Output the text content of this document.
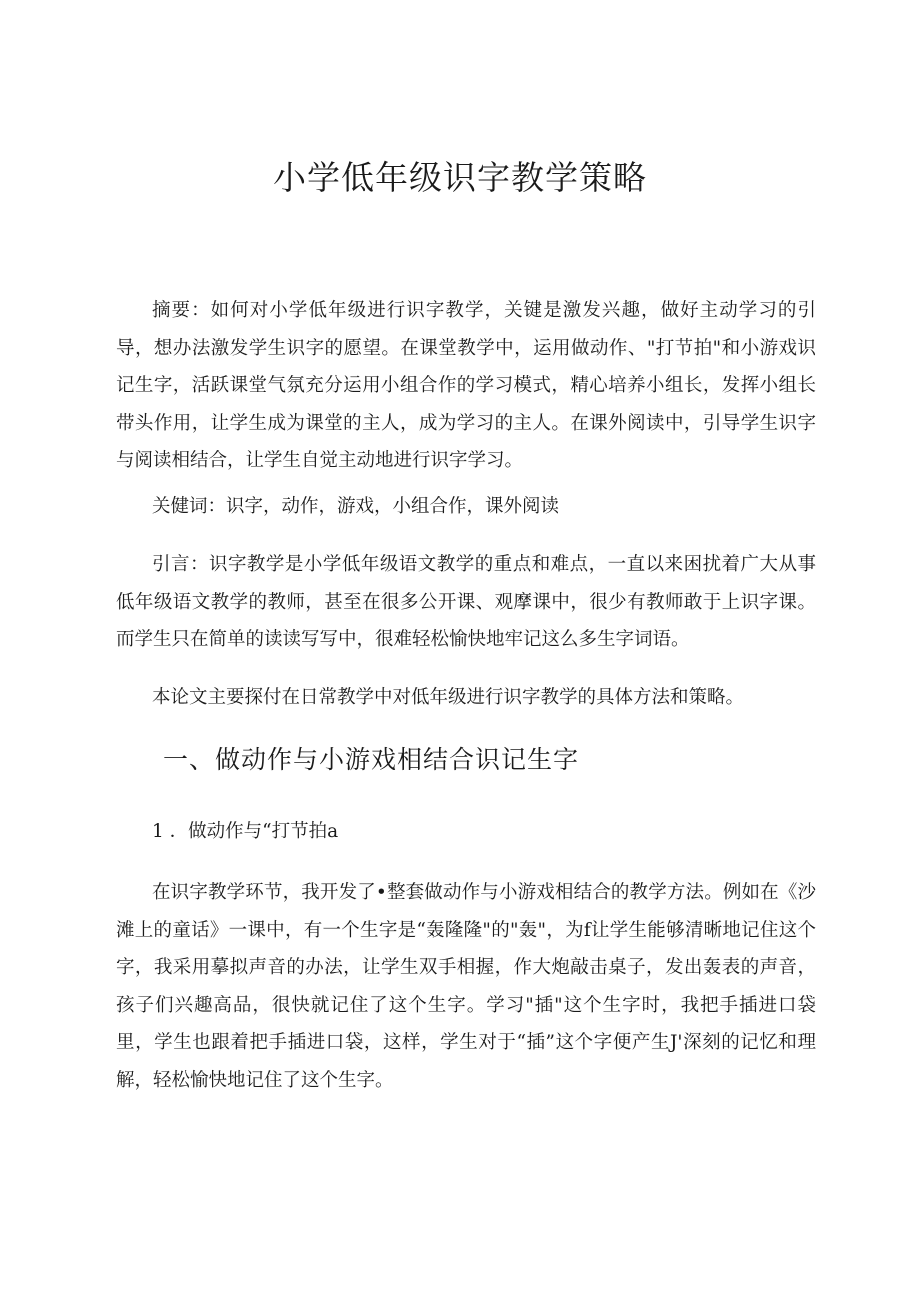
小学低年级识字教学策略

摘要：如何对小学低年级进行识字教学，关键是激发兴趣，做好主动学习的引导，想办法激发学生识字的愿望。在课堂教学中，运用做动作、"打节拍"和小游戏识记生字，活跃课堂气氛充分运用小组合作的学习模式，精心培养小组长，发挥小组长带头作用，让学生成为课堂的主人，成为学习的主人。在课外阅读中，引导学生识字与阅读相结合，让学生自觉主动地进行识字学习。

关健词：识字，动作，游戏，小组合作，课外阅读

引言：识字教学是小学低年级语文教学的重点和难点，一直以来困扰着广大从事低年级语文教学的教师，甚至在很多公开课、观摩课中，很少有教师敢于上识字课。而学生只在简单的读读写写中，很难轻松愉快地牢记这么多生字词语。

本论文主要探付在日常教学中对低年级进行识字教学的具体方法和策略。

一、做动作与小游戏相结合识记生字
1 ．做动作与“打节拍a

在识字教学环节，我开发了•整套做动作与小游戏相结合的教学方法。例如在《沙滩上的童话》一课中，有一个生字是“轰隆隆"的"轰"，为f让学生能够清晰地记住这个字，我采用摹拟声音的办法，让学生双手相握，作大炮敲击桌子，发出轰表的声音，孩子们兴趣高品，很快就记住了这个生字。学习"插"这个生字时，我把手插进口袋里，学生也跟着把手插进口袋，这样，学生对于“插”这个字便产生J'深刻的记忆和理解，轻松愉快地记住了这个生字。
